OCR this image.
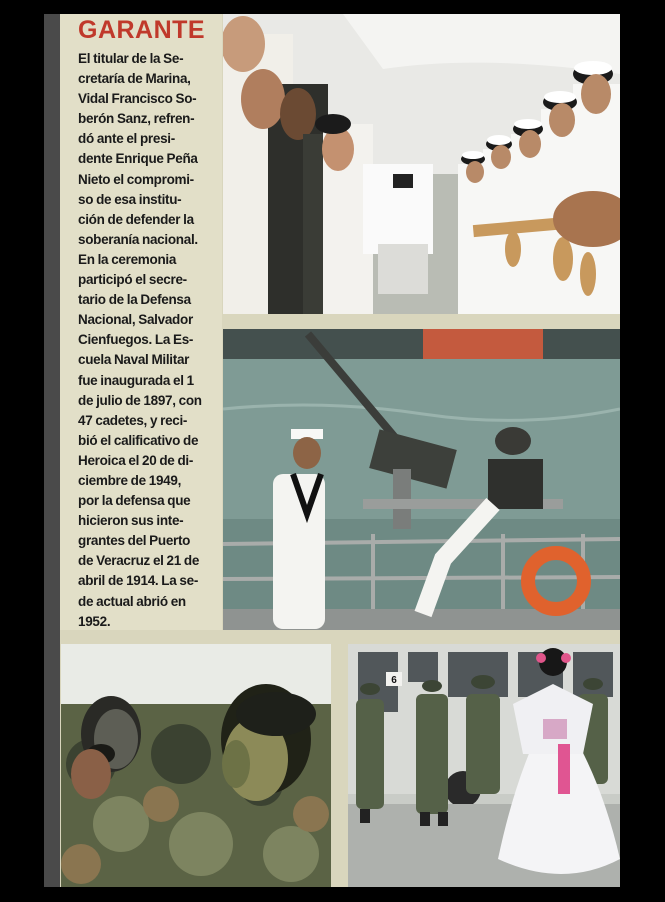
GARANTE

El titular de la Se-
cretaría de Marina,
Vidal Francisco So-
berón Sanz, refren-
dó ante el presi-
dente Enrique Peña
Nieto el compromi-
so de esa institu-
ción de defender la
soberanía nacional.
En la ceremonia
participó el secre-
tario de la Defensa
Nacional, Salvador
Cienfuegos. La Es-
cuela Naval Militar
fue inaugurada el 1
de julio de 1897, con
47 cadetes, y reci-
bió el calificativo de
Heroica el 20 de di-
ciembre de 1949,
por la defensa que
hicieron sus inte-
grantes del Puerto
de Veracruz el 21 de
abril de 1914. La se-
de actual abrió en
1952.

6
